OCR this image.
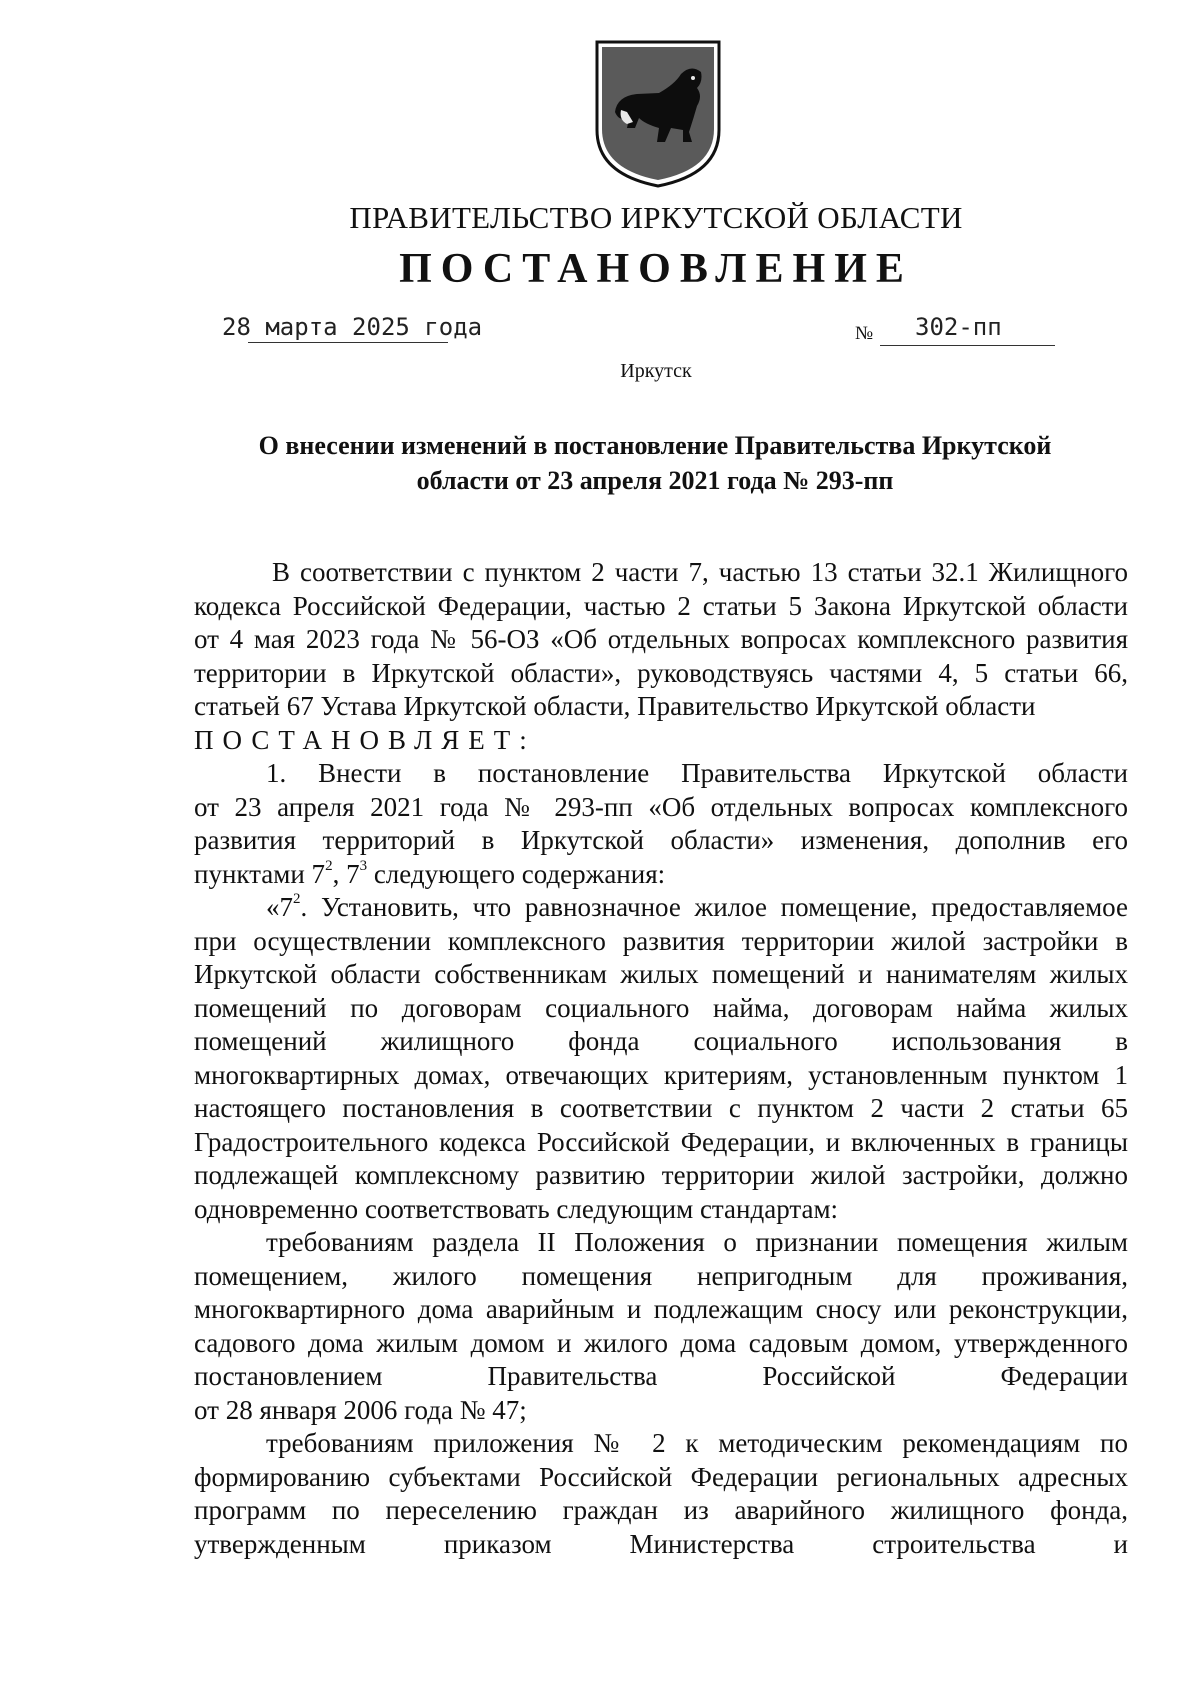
ПРАВИТЕЛЬСТВО ИРКУТСКОЙ ОБЛАСТИ
ПОСТАНОВЛЕНИЕ
28 марта 2025 года	№ 302-пп
Иркутск
О внесении изменений в постановление Правительства Иркутской
области от 23 апреля 2021 года № 293-пп

В соответствии с пунктом 2 части 7, частью 13 статьи 32.1 Жилищного

кодекса Российской Федерации, частью 2 статьи 5 Закона Иркутской области

от 4 мая 2023 года № 56-ОЗ «Об отдельных вопросах комплексного развития

территории в Иркутской области», руководствуясь частями 4, 5 статьи 66,

статьей 67 Устава Иркутской области, Правительство Иркутской области

ПОСТАНОВЛЯЕТ:

1. Внести в постановление Правительства Иркутской области

от 23 апреля 2021 года № 293-пп «Об отдельных вопросах комплексного

развития территорий в Иркутской области» изменения, дополнив его

пунктами $7^2$, $7^3$ следующего содержания:

«$7^2$. Установить, что равнозначное жилое помещение, предоставляемое

при осуществлении комплексного развития территории жилой застройки в

Иркутской области собственникам жилых помещений и нанимателям жилых

помещений по договорам социального найма, договорам найма жилых

помещений жилищного фонда социального использования в

многоквартирных домах, отвечающих критериям, установленным пунктом 1

настоящего постановления в соответствии с пунктом 2 части 2 статьи 65

Градостроительного кодекса Российской Федерации, и включенных в границы

подлежащей комплексному развитию территории жилой застройки, должно

одновременно соответствовать следующим стандартам:

требованиям раздела II Положения о признании помещения жилым

помещением, жилого помещения непригодным для проживания,

многоквартирного дома аварийным и подлежащим сносу или реконструкции,

садового дома жилым домом и жилого дома садовым домом, утвержденного

постановлением Правительства Российской Федерации

от 28 января 2006 года № 47;

требованиям приложения № 2 к методическим рекомендациям по

формированию субъектами Российской Федерации региональных адресных

программ по переселению граждан из аварийного жилищного фонда,

утвержденным приказом Министерства строительства и
